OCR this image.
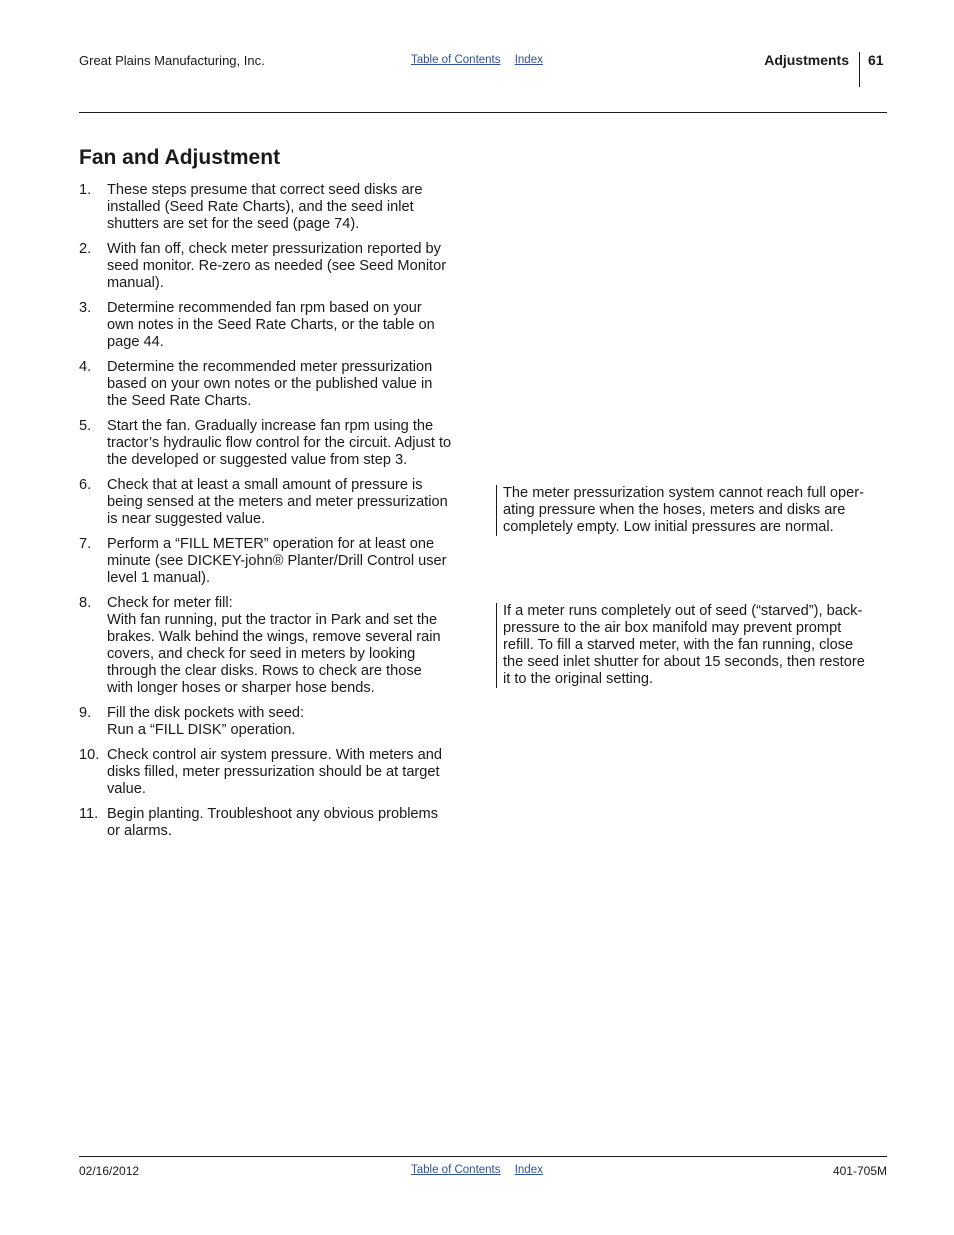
Great Plains Manufacturing, Inc.	Table of Contents Index	Adjustments 61
Fan and Adjustment
1.	These steps presume that correct seed disks are
installed (Seed Rate Charts), and the seed inlet
shutters are set for the seed (page 74).
2.	With fan off, check meter pressurization reported by
seed monitor. Re-zero as needed (see Seed Monitor
manual).
3.	Determine recommended fan rpm based on your
own notes in the Seed Rate Charts, or the table on
page 44.
4.	Determine the recommended meter pressurization
based on your own notes or the published value in
the Seed Rate Charts.
5.	Start the fan. Gradually increase fan rpm using the
tractor’s hydraulic flow control for the circuit. Adjust to
the developed or suggested value from step 3.
6.	Check that at least a small amount of pressure is
being sensed at the meters and meter pressurization
is near suggested value.
7.	Perform a “FILL METER” operation for at least one
minute (see DICKEY-john® Planter/Drill Control user
level 1 manual).
8.	Check for meter fill:
With fan running, put the tractor in Park and set the
brakes. Walk behind the wings, remove several rain
covers, and check for seed in meters by looking
through the clear disks. Rows to check are those
with longer hoses or sharper hose bends.
9.	Fill the disk pockets with seed:
Run a “FILL DISK” operation.
10. Check control air system pressure. With meters and
disks filled, meter pressurization should be at target
value.
11. Begin planting. Troubleshoot any obvious problems
or alarms.
The meter pressurization system cannot reach full oper-
ating pressure when the hoses, meters and disks are
completely empty. Low initial pressures are normal.
If a meter runs completely out of seed (“starved”), back-
pressure to the air box manifold may prevent prompt
refill. To fill a starved meter, with the fan running, close
the seed inlet shutter for about 15 seconds, then restore
it to the original setting.
02/16/2012	Table of Contents Index	401-705M
